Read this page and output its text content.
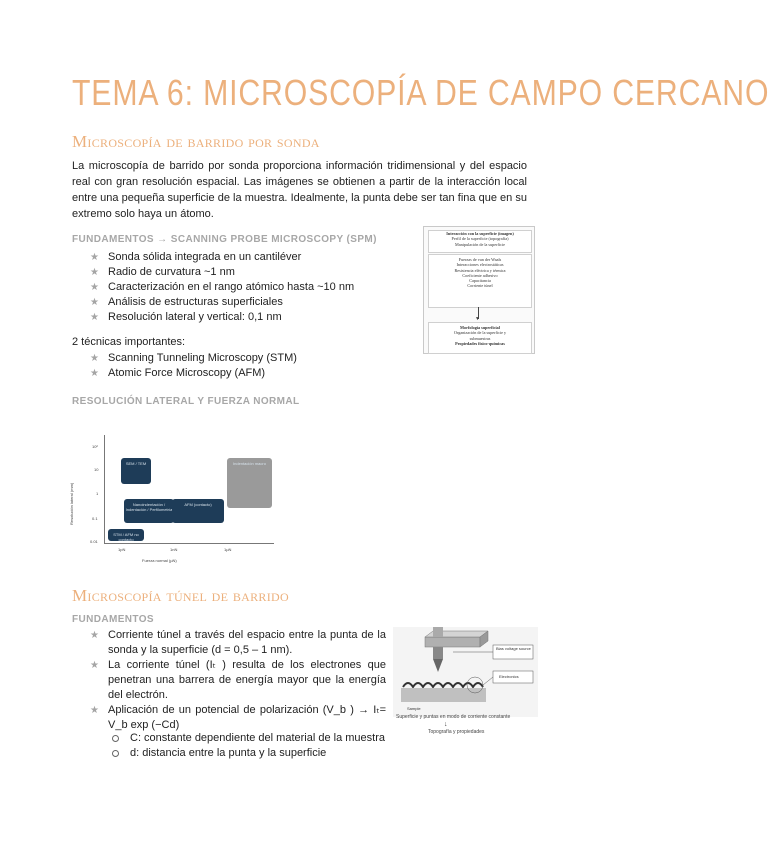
TEMA 6: MICROSCOPÍA DE CAMPO CERCANO
Microscopía de barrido por sonda
La microscopía de barrido por sonda proporciona información tridimensional y del espacio real con gran resolución espacial. Las imágenes se obtienen a partir de la interacción local entre una pequeña superficie de la muestra. Idealmente, la punta debe ser tan fina que en su extremo solo haya un átomo.
FUNDAMENTOS → SCANNING PROBE MICROSCOPY (SPM)
★ Sonda sólida integrada en un cantiléver
★ Radio de curvatura ~1 nm
★ Caracterización en el rango atómico hasta ~10 nm
★ Análisis de estructuras superficiales
★ Resolución lateral y vertical: 0,1 nm
2 técnicas importantes:
★ Scanning Tunneling Microscopy (STM)
★ Atomic Force Microscopy (AFM)
Interacción con la superficie (imagen)
Perfil de la superficie (topografía)
Manipulación de la superficie
Fuerzas de van der Waals
Interacciones electrostáticas
Resistencia eléctrica y térmica
Coeficiente adhesivo
Capacitancia
Corriente túnel
▼
Morfología superficial
Organización de la superficie y
submuestras
Propiedades físico-químicas
RESOLUCIÓN LATERAL Y FUERZA NORMAL
Resolución lateral (mm)
10²
10
1
0.1
0.01
1pN	1nN	1µN
Fuerza normal (µN)
SEM / TEM
Nanoindentación / Indentación / Perfilometría
AFM (contacto)
Indentación macro
STM / AFM no contacto
Microscopía túnel de barrido
FUNDAMENTOS
★ Corriente túnel a través del espacio entre la punta de la sonda y la superficie (d = 0,5 – 1 nm).
★ La corriente túnel (Iₜ ) resulta de los electrones que penetran una barrera de energía mayor que la energía del electrón.
★ Aplicación de un potencial de polarización (V_b ) → Iₜ= V_b exp (−Cd)
C: constante dependiente del material de la muestra
d: distancia entre la punta y la superficie
Bias voltage source
Electronics
Sample
Superficie y puntas en modo de corriente constante
↓
Topografía y propiedades
